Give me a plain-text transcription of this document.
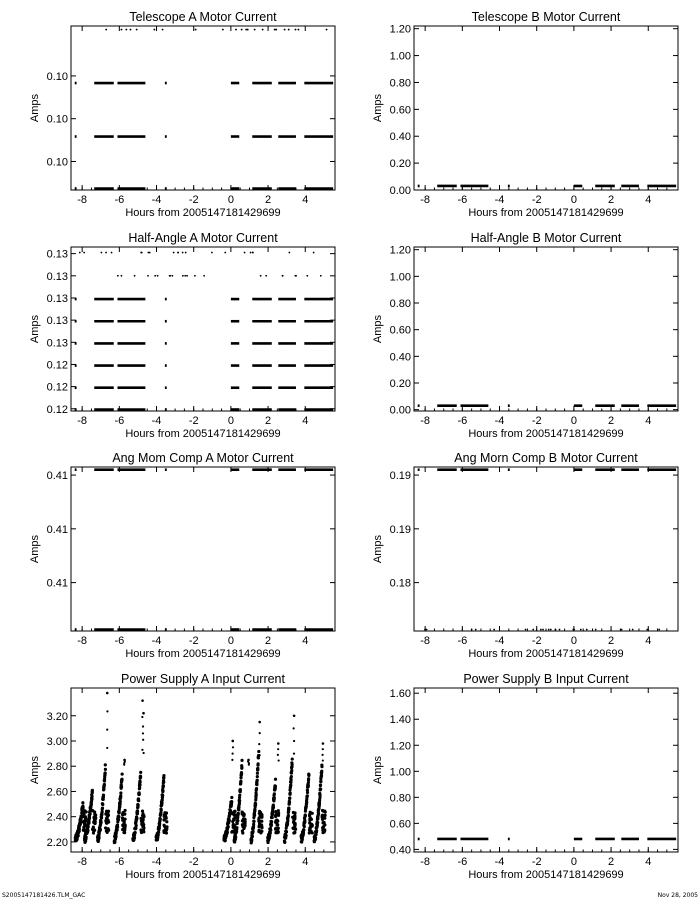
Telescope A Motor Current
-8 -6 -4 -2	0	2	4
0.10
0.10
0.10
Hours from 2005147181429699
Amps
Telescope B Motor Current
-8 -6 -4 -2	0	2	4
0.00
0.20
0.40
0.60
0.80
1.00
1.20
Hours from 2005147181429699
Amps
Half-Angle A Motor Current
-8 -6 -4 -2	0	2	4
0.12
0.12
0.12
0.13
0.13
0.13
0.13
0.13
Hours from 2005147181429699
Amps
Half-Angle B Motor Current
-8 -6 -4 -2	0	2	4
0.00
0.20
0.40
0.60
0.80
1.00
1.20
Hours from 2005147181429699
Amps
Ang Mom Comp A Motor Current
-8 -6 -4 -2	0	2	4
0.41
0.41
0.41
Hours from 2005147181429699
Amps
Ang Morn Comp B Motor Current
-8 -6 -4 -2	0	2	4
0.18
0.19
0.19
Hours from 2005147181429699
Amps
Power Supply A Input Current
-8 -6 -4 -2	0	2	4
2.20
2.40
2.60
2.80
3.00
3.20
Hours from 2005147181429699
Amps
Power Supply B Input Current
-8 -6 -4 -2	0	2	4
0.40
0.60
0.80
1.00
1.20
1.40
1.60
Hours from 2005147181429699
Amps
S2005147181426.TLM_GAC	Nov 28, 2005
